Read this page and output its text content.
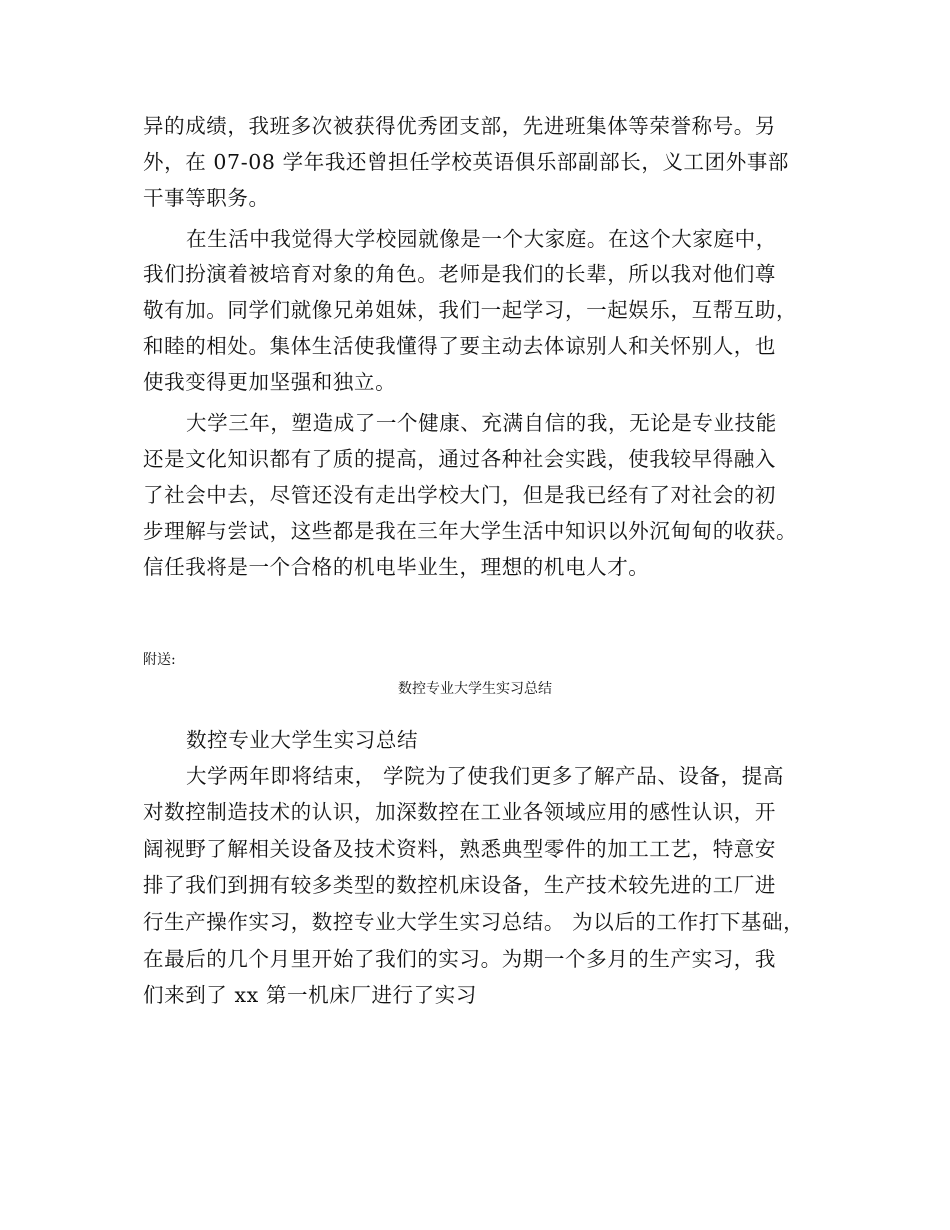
异的成绩，我班多次被获得优秀团支部，先进班集体等荣誉称号。另
外，在 07-08 学年我还曾担任学校英语俱乐部副部长，义工团外事部
干事等职务。
在生活中我觉得大学校园就像是一个大家庭。在这个大家庭中，
我们扮演着被培育对象的角色。老师是我们的长辈，所以我对他们尊
敬有加。同学们就像兄弟姐妹，我们一起学习，一起娱乐，互帮互助，
和睦的相处。集体生活使我懂得了要主动去体谅别人和关怀别人，也
使我变得更加坚强和独立。
大学三年，塑造成了一个健康、充满自信的我，无论是专业技能
还是文化知识都有了质的提高，通过各种社会实践，使我较早得融入
了社会中去，尽管还没有走出学校大门，但是我已经有了对社会的初
步理解与尝试，这些都是我在三年大学生活中知识以外沉甸甸的收获。
信任我将是一个合格的机电毕业生，理想的机电人才。
附送:
数控专业大学生实习总结
数控专业大学生实习总结
大学两年即将结束， 学院为了使我们更多了解产品、设备，提高
对数控制造技术的认识，加深数控在工业各领域应用的感性认识，开
阔视野了解相关设备及技术资料，熟悉典型零件的加工工艺，特意安
排了我们到拥有较多类型的数控机床设备，生产技术较先进的工厂进
行生产操作实习，数控专业大学生实习总结。 为以后的工作打下基础，
在最后的几个月里开始了我们的实习。为期一个多月的生产实习，我
们来到了 xx 第一机床厂进行了实习
